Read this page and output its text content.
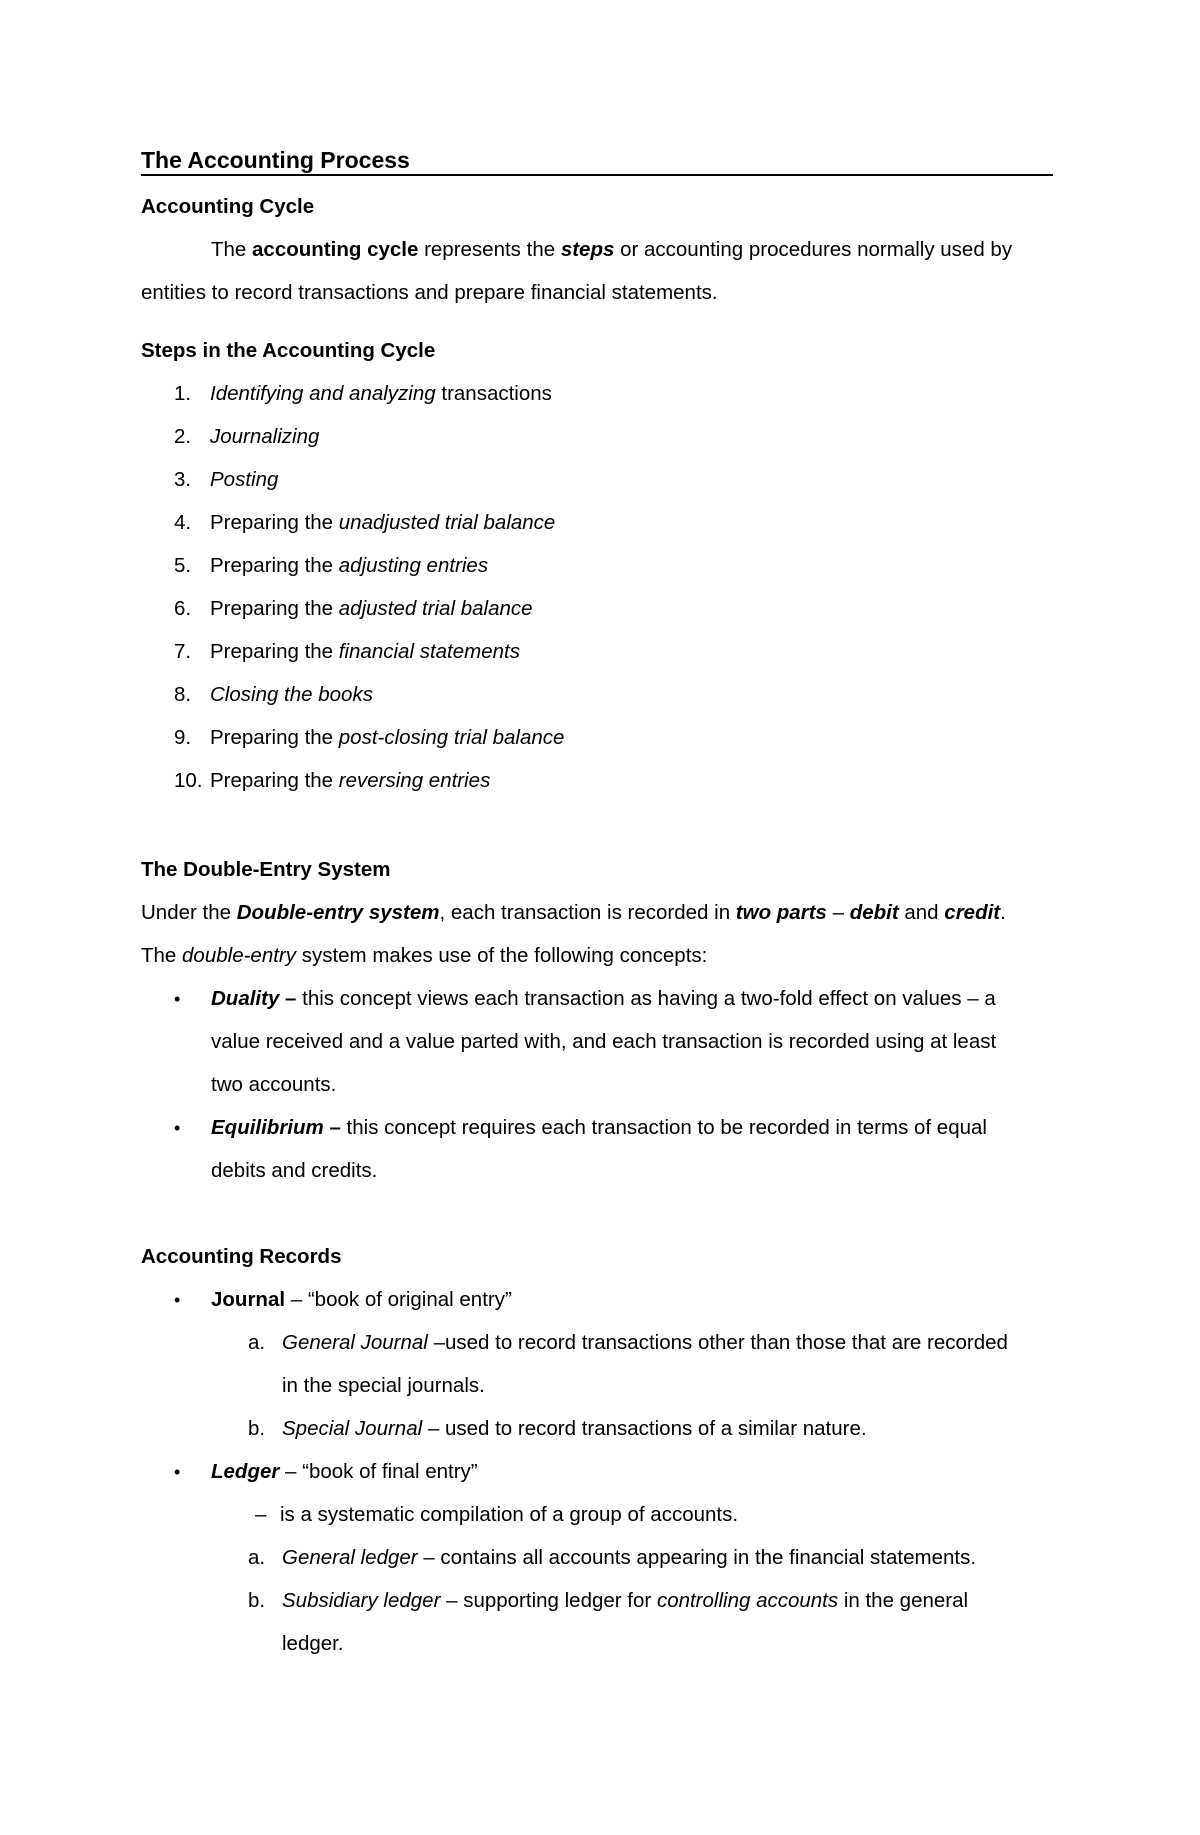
The Accounting Process
Accounting Cycle
The accounting cycle represents the steps or accounting procedures normally used by
entities to record transactions and prepare financial statements.
Steps in the Accounting Cycle
1. Identifying and analyzing transactions
2. Journalizing
3. Posting
4. Preparing the unadjusted trial balance
5. Preparing the adjusting entries
6. Preparing the adjusted trial balance
7. Preparing the financial statements
8. Closing the books
9. Preparing the post-closing trial balance
10. Preparing the reversing entries
The Double-Entry System
Under the Double-entry system, each transaction is recorded in two parts – debit and credit.
The double-entry system makes use of the following concepts:
• Duality – this concept views each transaction as having a two-fold effect on values – a
value received and a value parted with, and each transaction is recorded using at least
two accounts.
• Equilibrium – this concept requires each transaction to be recorded in terms of equal
debits and credits.
Accounting Records
• Journal – “book of original entry”
a. General Journal –used to record transactions other than those that are recorded
in the special journals.
b. Special Journal – used to record transactions of a similar nature.
• Ledger – “book of final entry”
– is a systematic compilation of a group of accounts.
a. General ledger – contains all accounts appearing in the financial statements.
b. Subsidiary ledger – supporting ledger for controlling accounts in the general
ledger.
